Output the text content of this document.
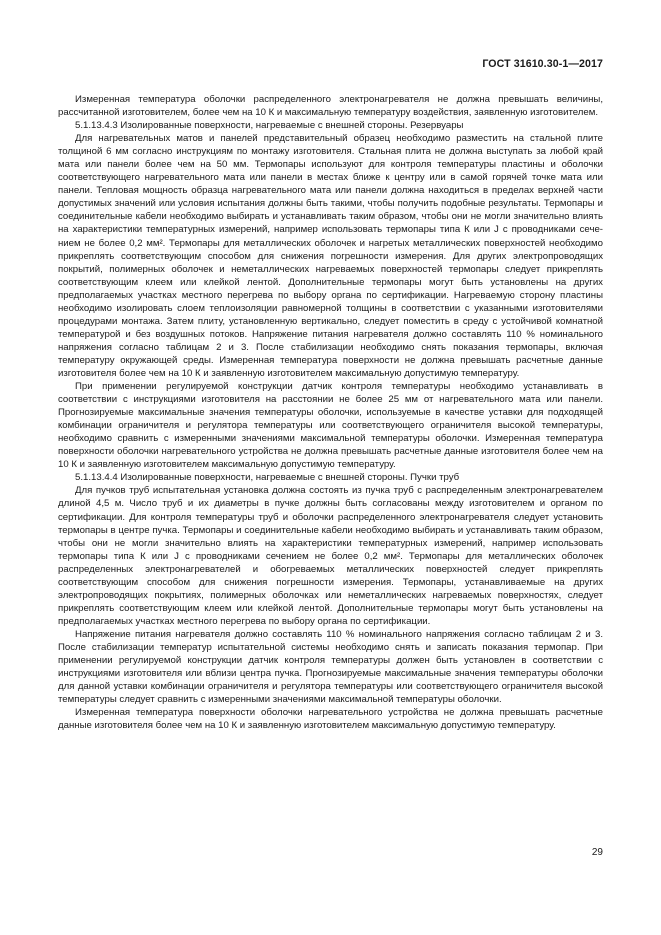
ГОСТ 31610.30-1—2017

Измеренная температура оболочки распределенного электронагревателя не должна превышать величины, рассчитанной изготовителем, более чем на 10 К и максимальную температуру воздействия, заявленную изготовителем.

5.1.13.4.3 Изолированные поверхности, нагреваемые с внешней стороны. Резервуары

Для нагревательных матов и панелей представительный образец необходимо разместить на стальной плите толщиной 6 мм согласно инструкциям по монтажу изготовителя. Стальная плита не должна выступать за любой край мата или панели более чем на 50 мм. Термопары используют для контроля температуры пластины и оболочки соответствующего нагревательного мата или панели в местах ближе к центру или в самой горячей точке мата или панели. Тепловая мощность образца нагревательного мата или панели должна находиться в пределах верхней части допустимых значений или условия испытания должны быть такими, чтобы получить подобные результаты. Термопары и соединительные кабели необходимо выбирать и устанавливать таким образом, чтобы они не могли значительно влиять на характеристики температурных измерений, например использовать термопары типа К или J с проводниками сечением не более 0,2 мм². Термопары для металлических оболочек и нагретых металлических поверхностей необходимо прикреплять соответствующим способом для снижения погрешности измерения. Для других электропроводящих покрытий, полимерных оболочек и неметаллических нагреваемых поверхностей термопары следует прикреплять соответствующим клеем или клейкой лентой. Дополнительные термопары могут быть установлены на других предполагаемых участках местного перегрева по выбору органа по сертификации. Нагреваемую сторону пластины необходимо изолировать слоем теплоизоляции равномерной толщины в соответствии с указанными изготовителями процедурами монтажа. Затем плиту, установленную вертикально, следует поместить в среду с устойчивой комнатной температурой и без воздушных потоков. Напряжение питания нагревателя должно составлять 110 % номинального напряжения согласно таблицам 2 и 3. После стабилизации необходимо снять показания термопары, включая температуру окружающей среды. Измеренная температура поверхности не должна превышать расчетные данные изготовителя более чем на 10 К и заявленную изготовителем максимальную допустимую температуру.

При применении регулируемой конструкции датчик контроля температуры необходимо устанавливать в соответствии с инструкциями изготовителя на расстоянии не более 25 мм от нагревательного мата или панели. Прогнозируемые максимальные значения температуры оболочки, используемые в качестве уставки для подходящей комбинации ограничителя и регулятора температуры или соответствующего ограничителя высокой температуры, необходимо сравнить с измеренными значениями максимальной температуры оболочки. Измеренная температура поверхности оболочки нагревательного устройства не должна превышать расчетные данные изготовителя более чем на 10 К и заявленную изготовителем максимальную допустимую температуру.

5.1.13.4.4 Изолированные поверхности, нагреваемые с внешней стороны. Пучки труб

Для пучков труб испытательная установка должна состоять из пучка труб с распределенным электронагревателем длиной 4,5 м. Число труб и их диаметры в пучке должны быть согласованы между изготовителем и органом по сертификации. Для контроля температуры труб и оболочки распределенного электронагревателя следует установить термопары в центре пучка. Термопары и соединительные кабели необходимо выбирать и устанавливать таким образом, чтобы они не могли значительно влиять на характеристики температурных измерений, например использовать термопары типа К или J с проводниками сечением не более 0,2 мм². Термопары для металлических оболочек распределенных электронагревателей и обогреваемых металлических поверхностей следует прикреплять соответствующим способом для снижения погрешности измерения. Термопары, устанавливаемые на других электропроводящих покрытиях, полимерных оболочках или неметаллических нагреваемых поверхностях, следует прикреплять соответствующим клеем или клейкой лентой. Дополнительные термопары могут быть установлены на предполагаемых участках местного перегрева по выбору органа по сертификации.

Напряжение питания нагревателя должно составлять 110 % номинального напряжения согласно таблицам 2 и 3. После стабилизации температур испытательной системы необходимо снять и записать показания термопар. При применении регулируемой конструкции датчик контроля температуры должен быть установлен в соответствии с инструкциями изготовителя или вблизи центра пучка. Прогнозируемые максимальные значения температуры оболочки для данной уставки комбинации ограничителя и регулятора температуры или соответствующего ограничителя высокой температуры следует сравнить с измеренными значениями максимальной температуры оболочки.

Измеренная температура поверхности оболочки нагревательного устройства не должна превышать расчетные данные изготовителя более чем на 10 К и заявленную изготовителем максимальную допустимую температуру.

29
